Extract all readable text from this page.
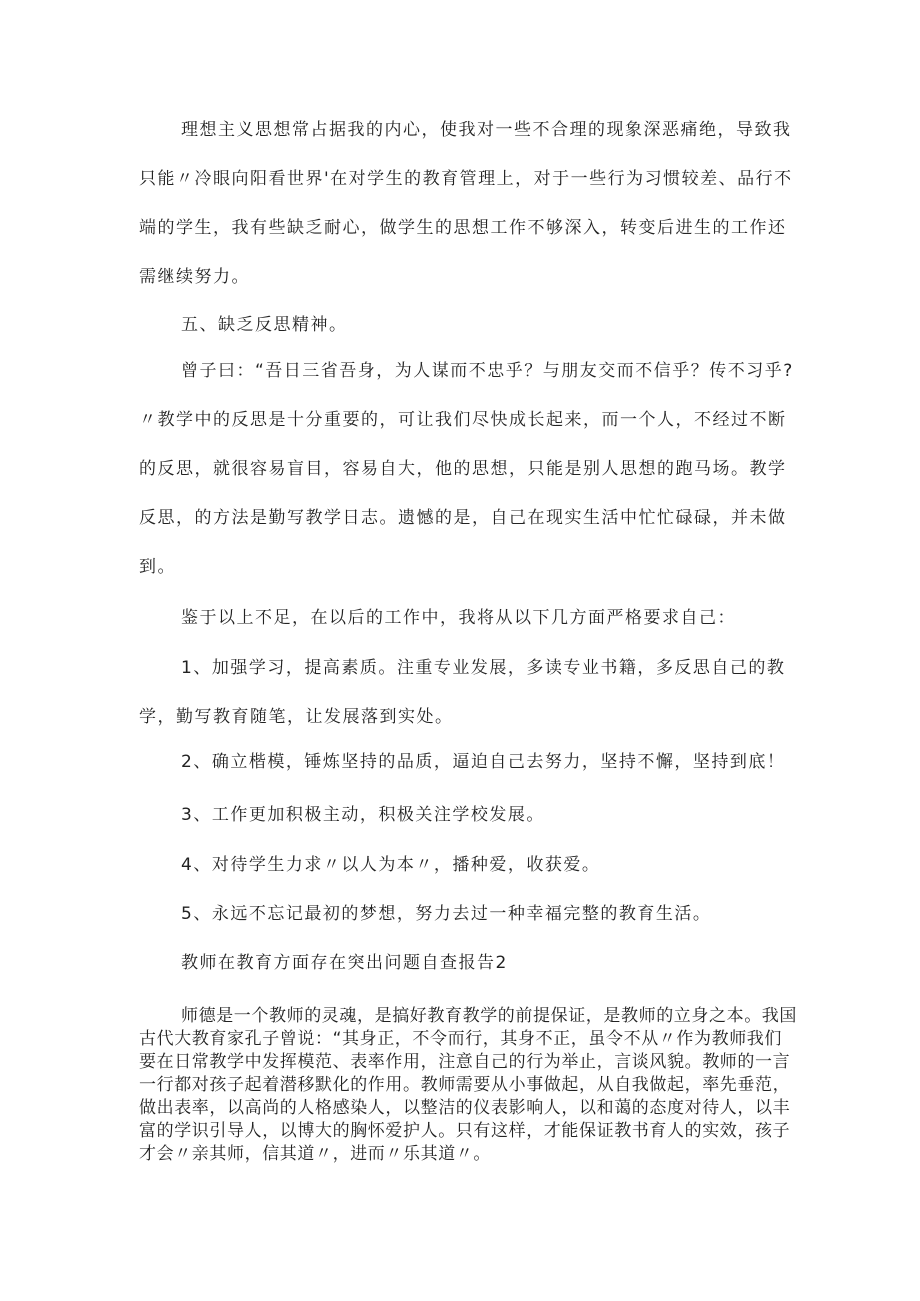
理想主义思想常占据我的内心，使我对一些不合理的现象深恶痛绝，导致我只能〃冷眼向阳看世界'在对学生的教育管理上，对于一些行为习惯较差、品行不端的学生，我有些缺乏耐心，做学生的思想工作不够深入，转变后进生的工作还需继续努力。

五、缺乏反思精神。

曾子曰：“吾日三省吾身，为人谋而不忠乎？与朋友交而不信乎？传不习乎?〃教学中的反思是十分重要的，可让我们尽快成长起来，而一个人，不经过不断的反思，就很容易盲目，容易自大，他的思想，只能是别人思想的跑马场。教学反思，的方法是勤写教学日志。遗憾的是，自己在现实生活中忙忙碌碌，并未做到。

鉴于以上不足，在以后的工作中，我将从以下几方面严格要求自己：

1、加强学习，提高素质。注重专业发展，多读专业书籍，多反思自己的教学，勤写教育随笔，让发展落到实处。

2、确立楷模，锤炼坚持的品质，逼迫自己去努力，坚持不懈，坚持到底！

3、工作更加积极主动，积极关注学校发展。

4、对待学生力求〃以人为本〃，播种爱，收获爱。

5、永远不忘记最初的梦想，努力去过一种幸福完整的教育生活。

教师在教育方面存在突出问题自查报告2

师德是一个教师的灵魂，是搞好教育教学的前提保证，是教师的立身之本。我国古代大教育家孔子曾说：“其身正，不令而行，其身不正，虽令不从〃作为教师我们要在日常教学中发挥模范、表率作用，注意自己的行为举止，言谈风貌。教师的一言一行都对孩子起着潜移默化的作用。教师需要从小事做起，从自我做起，率先垂范，做出表率，以高尚的人格感染人，以整洁的仪表影响人，以和蔼的态度对待人，以丰富的学识引导人，以博大的胸怀爱护人。只有这样，才能保证教书育人的实效，孩子才会〃亲其师，信其道〃，进而〃乐其道〃。
